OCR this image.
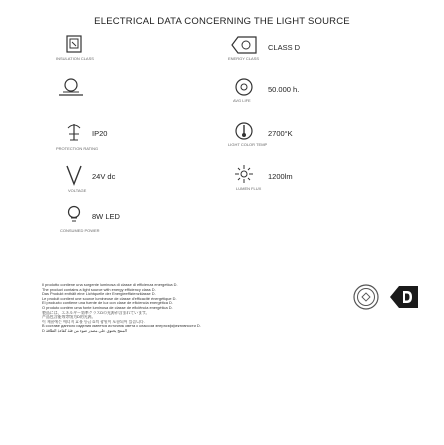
ELECTRICAL DATA CONCERNING THE LIGHT SOURCE
INSULATION CLASS
IP20
PROTECTION RATING
24V dc
VOLTAGE
8W LED
CONSUMED POWER
CLASS D
ENERGY CLASS
50.000 h.
AVG LIFE
2700°K
LIGHT COLOR TEMP
1200lm
LUMEN FLUX
Il prodotto contiene una sorgente luminosa di classe di efficienza energetica D.
The product contains a light source with energy efficiency class D.
Das Produkt enthält eine Lichtquelle der Energieeffizienzklasse D.
Le produit contient une source lumineuse de classe d'efficacité énergétique D.
El producto contiene una fuente de luz con clase de eficiencia energética D.
O produto contém uma fonte luminosa de classe de eficiência energética D.
製品には、エネルギー効率クラスDの光源が含まれています。
产品包含能效等级为D的光源。
이 제품에는 에너지 효율 등급 D의 광원이 포함되어 있습니다.
В составе данного изделия имеется источник света с классом энергоэффективности D.
D المنتج يحتوي على مصدر ضوء من فئة كفاءة الطاقة
